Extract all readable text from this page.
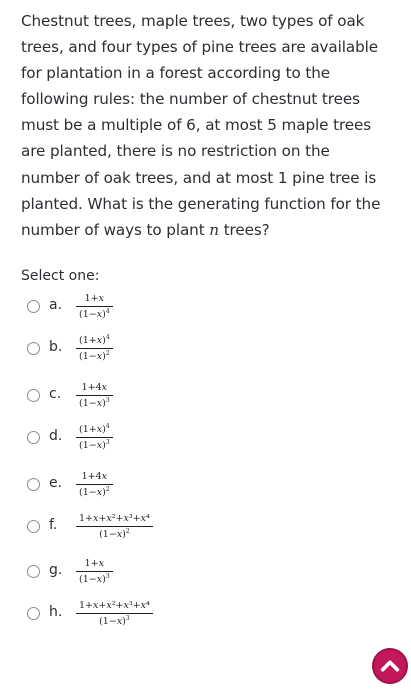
Chestnut trees, maple trees, two types of oak trees, and four types of pine trees are available for plantation in a forest according to the following rules: the number of chestnut trees must be a multiple of 6, at most 5 maple trees are planted, there is no restriction on the number of oak trees, and at most 1 pine tree is planted. What is the generating function for the number of ways to plant n trees?
Select one:
a.	1+x
$(1-x)^4$
b.	$(1+x)^4$
$(1-x)^2$
c.	1+4x
$(1-x)^3$
d.	$(1+x)^4$
$(1-x)^3$
e.	1+4x
$(1-x)^2$
f.	1+x+x²+x³+x⁴
$(1-x)^2$
g.	1+x
$(1-x)^3$
h.	1+x+x²+x³+x⁴
$(1-x)^3$
